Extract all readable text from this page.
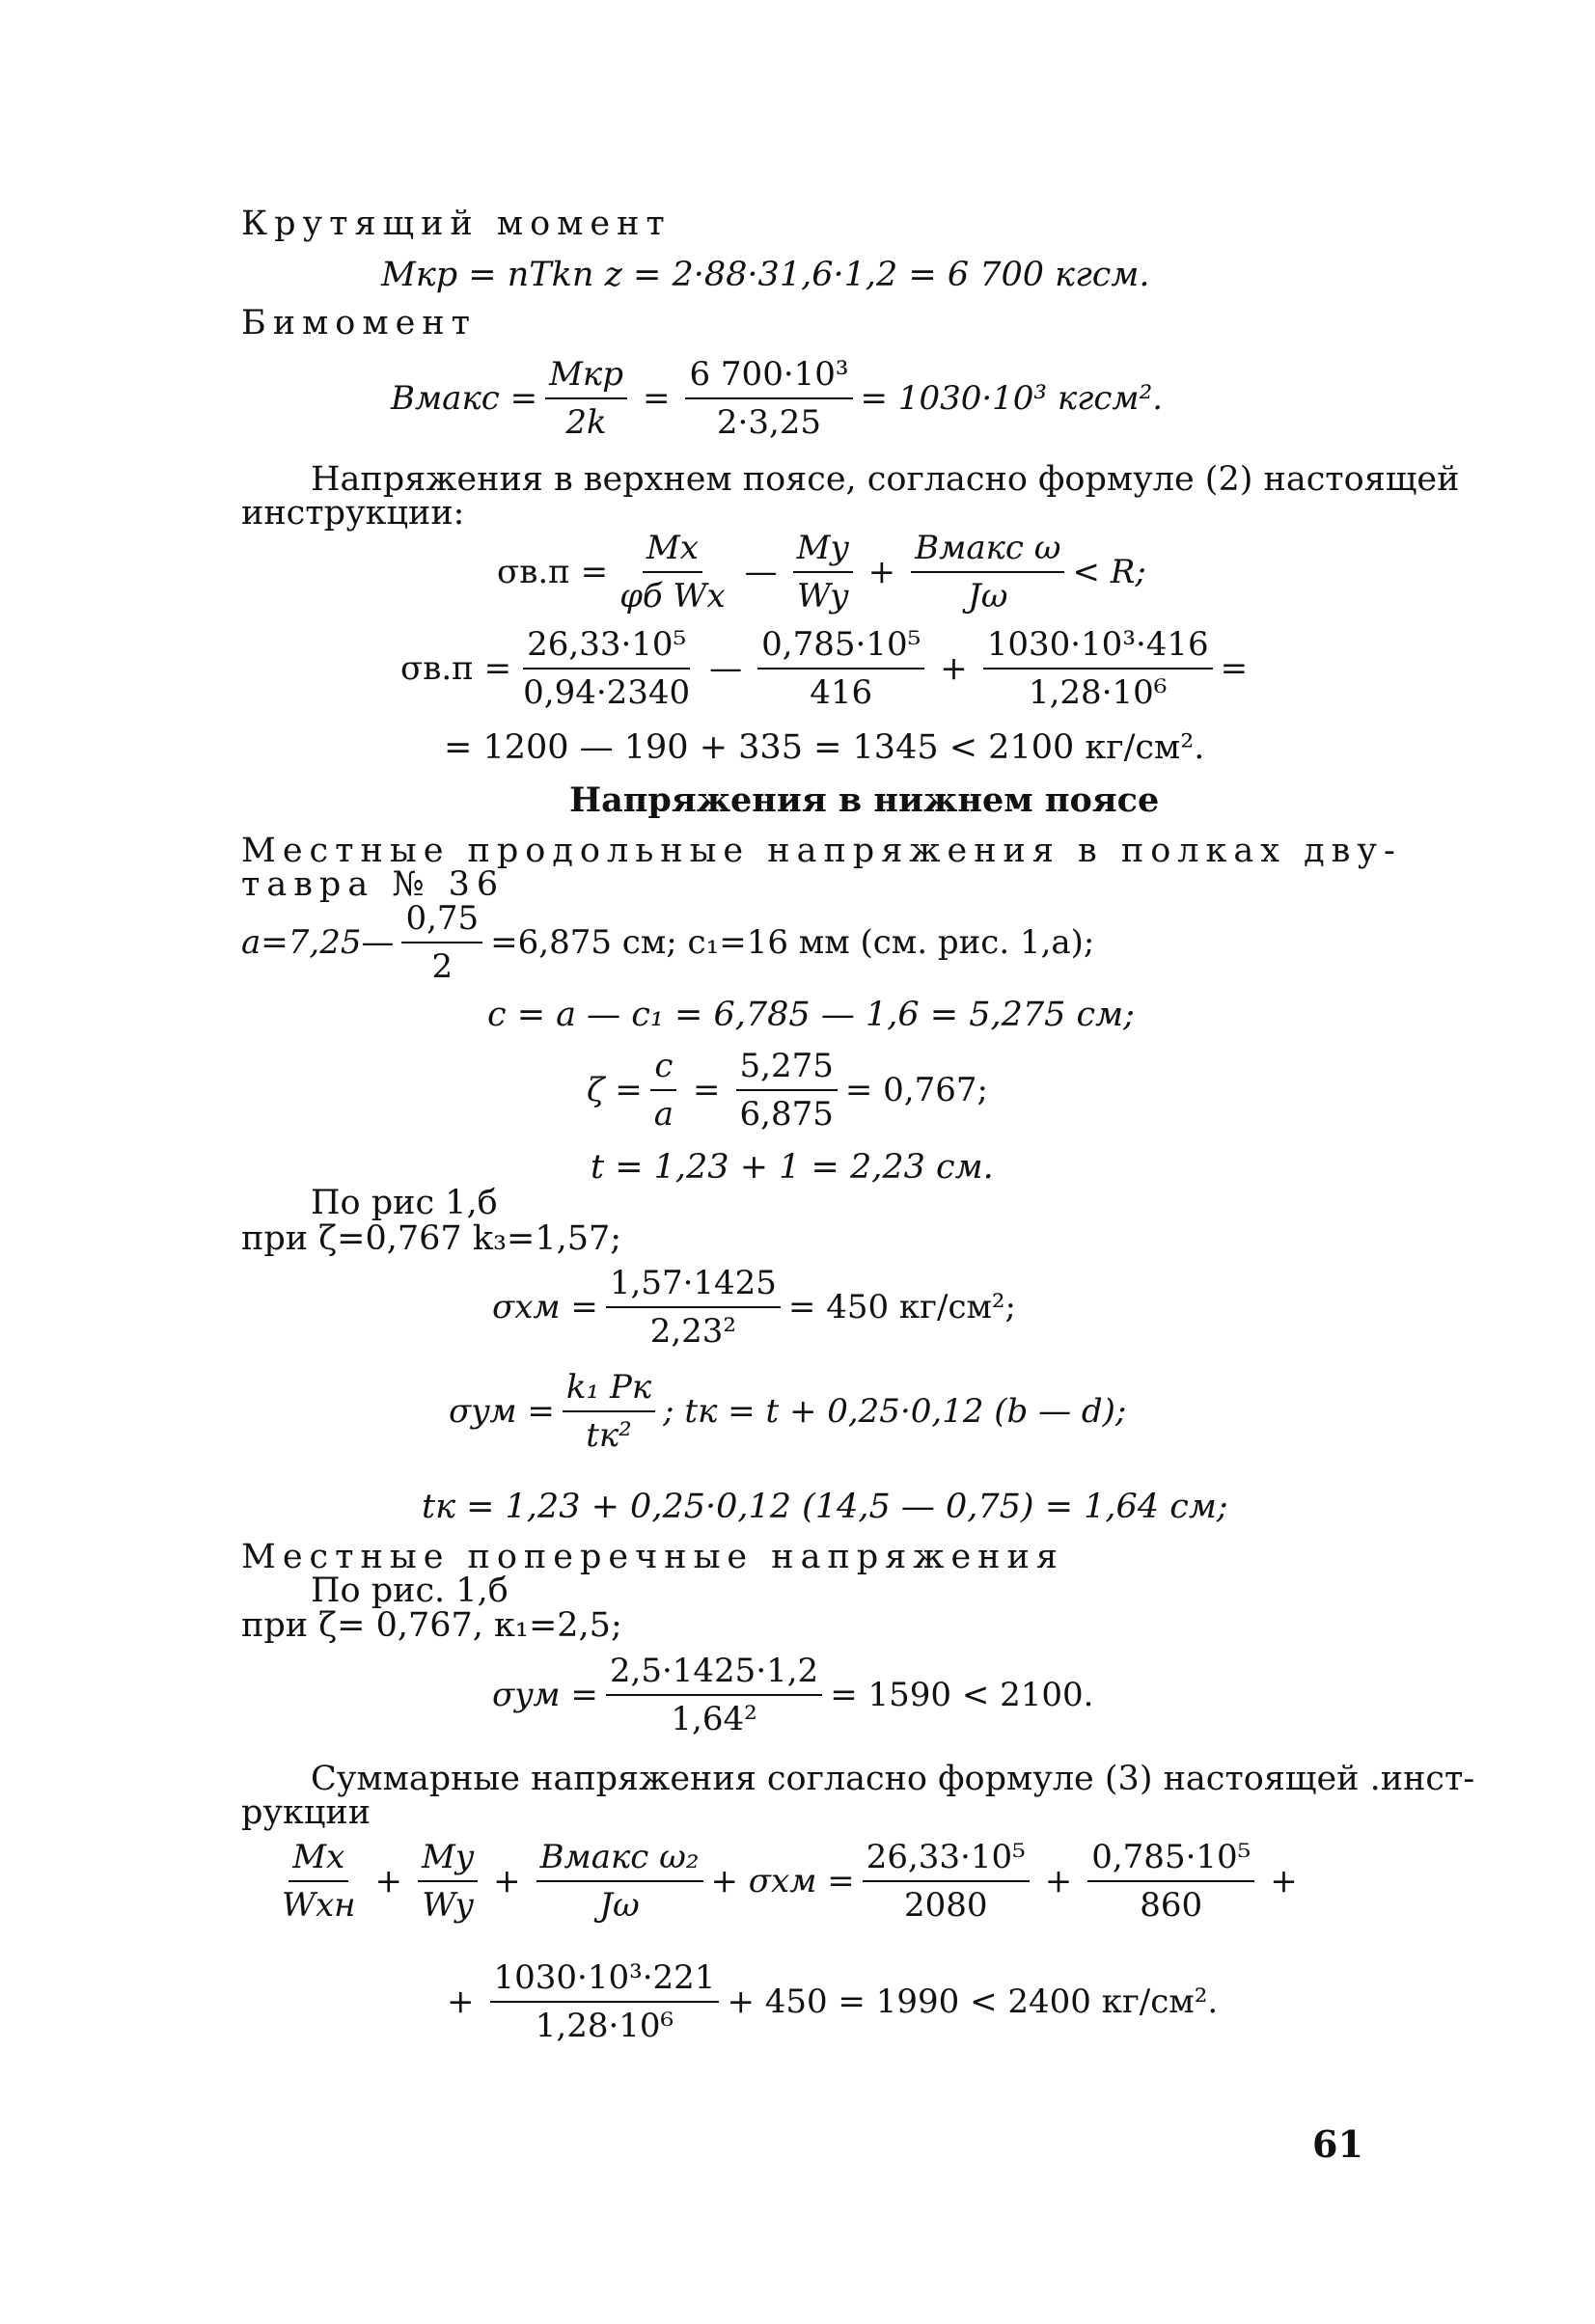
Крутящий момент
Mкр = nTkп z = 2·88·31,6·1,2 = 6 700 кгсм.
Бимомент
Bмакс = $\frac{\text{Mкр}}{2k} = \frac{\text{6 700·10³}}{2\cdot 3,25} = 1030\cdot 10^3$ кгсм².
Напряжения в верхнем поясе, согласно формуле (2) настоящей
инструкции:
$\sigma в.п = \frac{Mx}{\text{φб Wx}}$ — $\frac{My}{Wy} + \frac{\text{Bмакс ω}}{J\omega} < R$;
$\sigma в.п = \frac{\text{26,33·10⁵}}{0,94\cdot 2340}$ — $\frac{\text{0,785·10⁵}}{416} + \frac{\text{1030·10³·416}}{\text{1,28·10⁶}}$ =
= 1200 — 190 + 335 = 1345 < 2100 кг/см².
Напряжения в нижнем поясе
Местные продольные напряжения в полках дву-
тавра № 36
a=7,25— $\frac{0,75}{2} =6,875$ см; c₁=16 мм (см. рис. 1,а);
c = a — c₁ = 6,785 — 1,6 = 5,275 см;
$\zeta = \frac{c}{a} = \frac{5,275}{6,875} = 0,767$;
t = 1,23 + 1 = 2,23 см.
По рис 1,б
при ζ=0,767 k₃=1,57;
$\sigma xм = \frac{1,57\cdot 1425}{\text{2,23²}} = 450$ кг/см²;
$\sigma yм = \frac{\text{k₁ Pк}}{\text{tк²}}$ ; tк = t + 0,25·0,12 (b — d);
tк = 1,23 + 0,25·0,12 (14,5 — 0,75) = 1,64 см;
Местные поперечные напряжения
По рис. 1,б
при ζ= 0,767, к₁=2,5;
$\sigma yм = \frac{2,5\cdot 1425\cdot 1,2}{\text{1,64²}} = 1590 < 2100$.
Суммарные напряжения согласно формуле (3) настоящей .инст-
рукции
$\frac{Mx}{\text{Wxн}} + \frac{My}{Wy} + \frac{\text{Bмакс ω₂}}{J\omega} + \sigma xм = \frac{\text{26,33·10⁵}}{2080} + \frac{\text{0,785·10⁵}}{860}$ +
+ $\frac{\text{1030·10³·221}}{\text{1,28·10⁶}} + 450 = 1990 < 2400$ кг/см².
61
